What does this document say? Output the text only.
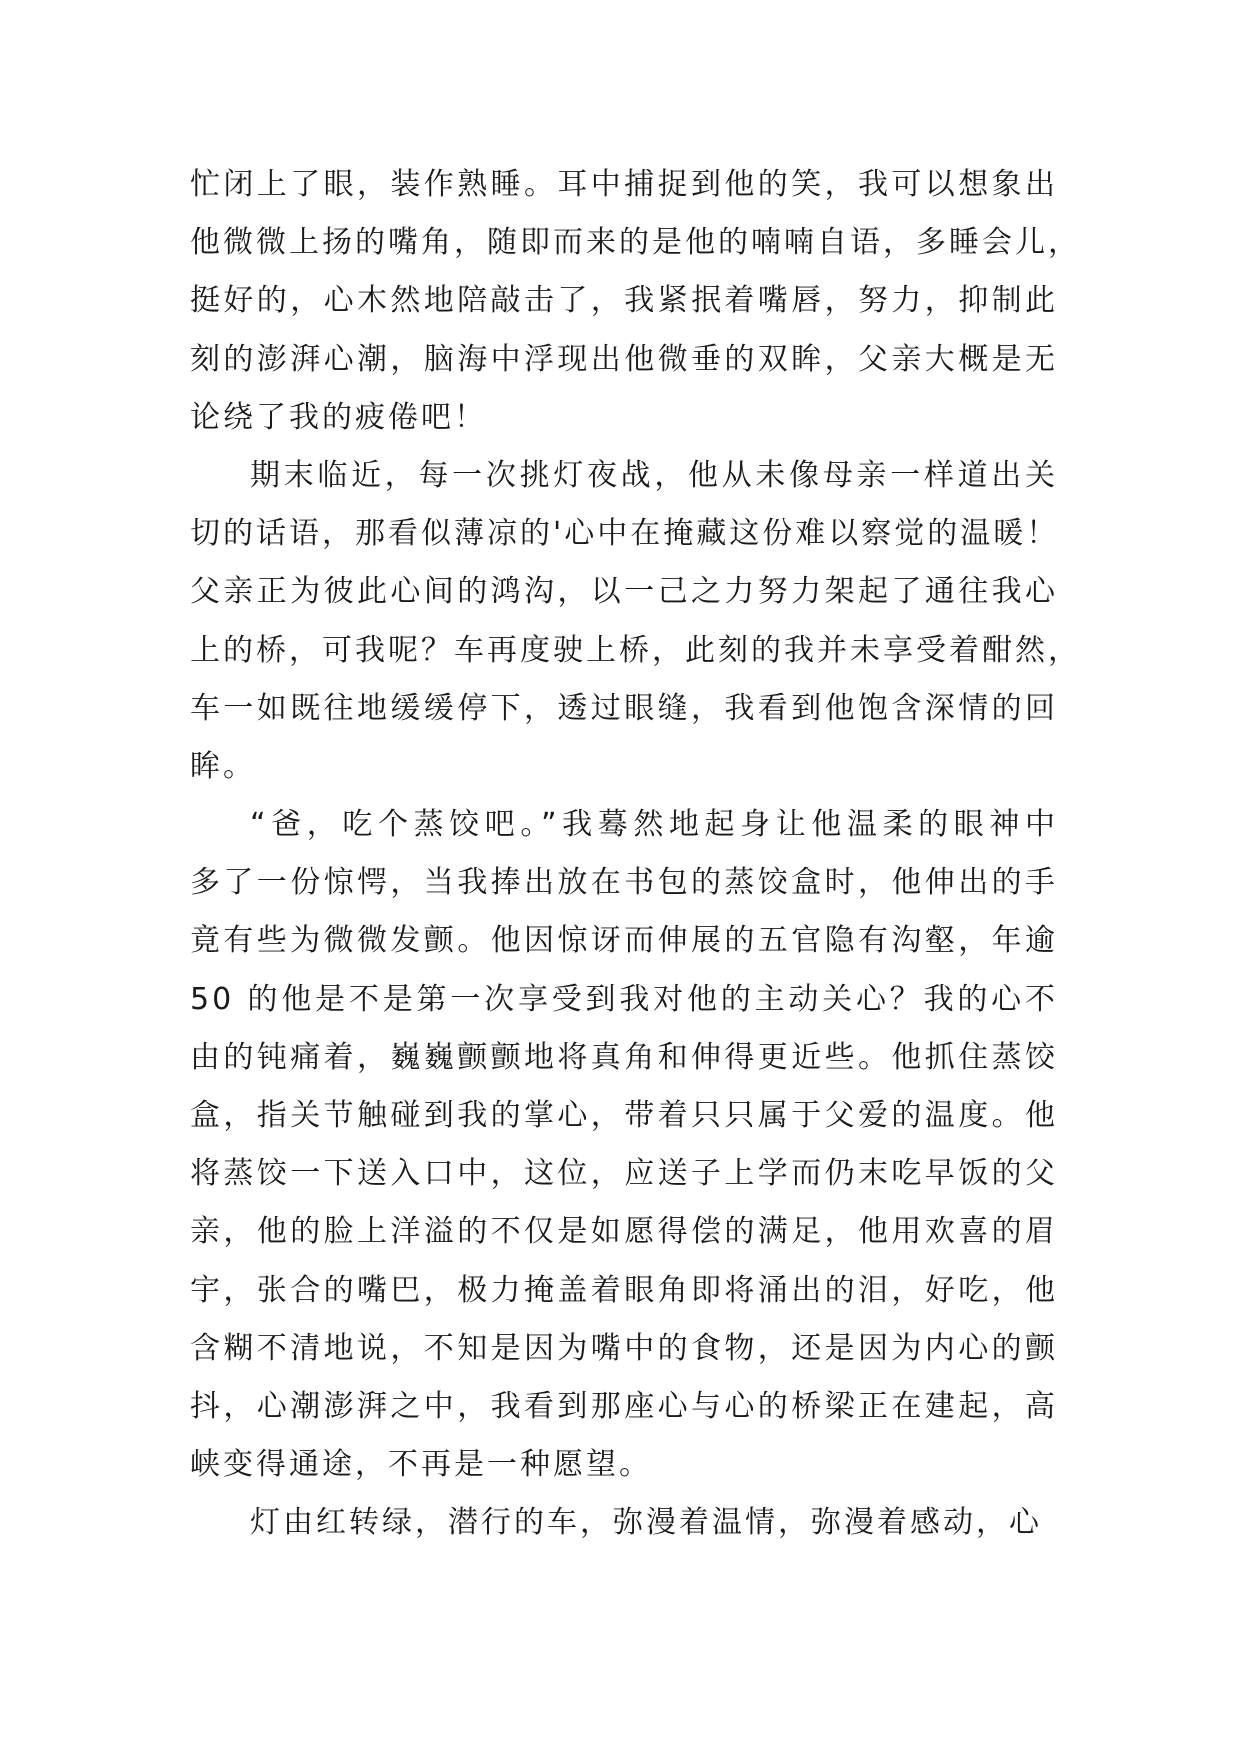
忙闭上了眼，装作熟睡。耳中捕捉到他的笑，我可以想象出
他微微上扬的嘴角，随即而来的是他的喃喃自语，多睡会儿，
挺好的，心木然地陪敲击了，我紧抿着嘴唇，努力，抑制此
刻的澎湃心潮，脑海中浮现出他微垂的双眸，父亲大概是无
论绕了我的疲倦吧！
期末临近，每一次挑灯夜战，他从未像母亲一样道出关
切的话语，那看似薄凉的'心中在掩藏这份难以察觉的温暖！
父亲正为彼此心间的鸿沟，以一己之力努力架起了通往我心
上的桥，可我呢？车再度驶上桥，此刻的我并未享受着酣然，
车一如既往地缓缓停下，透过眼缝，我看到他饱含深情的回
眸。
“爸，吃个蒸饺吧。”我蓦然地起身让他温柔的眼神中
多了一份惊愕，当我捧出放在书包的蒸饺盒时，他伸出的手
竟有些为微微发颤。他因惊讶而伸展的五官隐有沟壑，年逾
50 的他是不是第一次享受到我对他的主动关心？我的心不
由的钝痛着，巍巍颤颤地将真角和伸得更近些。他抓住蒸饺
盒，指关节触碰到我的掌心，带着只只属于父爱的温度。他
将蒸饺一下送入口中，这位，应送子上学而仍末吃早饭的父
亲，他的脸上洋溢的不仅是如愿得偿的满足，他用欢喜的眉
宇，张合的嘴巴，极力掩盖着眼角即将涌出的泪，好吃，他
含糊不清地说，不知是因为嘴中的食物，还是因为内心的颤
抖，心潮澎湃之中，我看到那座心与心的桥梁正在建起，高
峡变得通途，不再是一种愿望。
灯由红转绿，潜行的车，弥漫着温情，弥漫着感动，心
